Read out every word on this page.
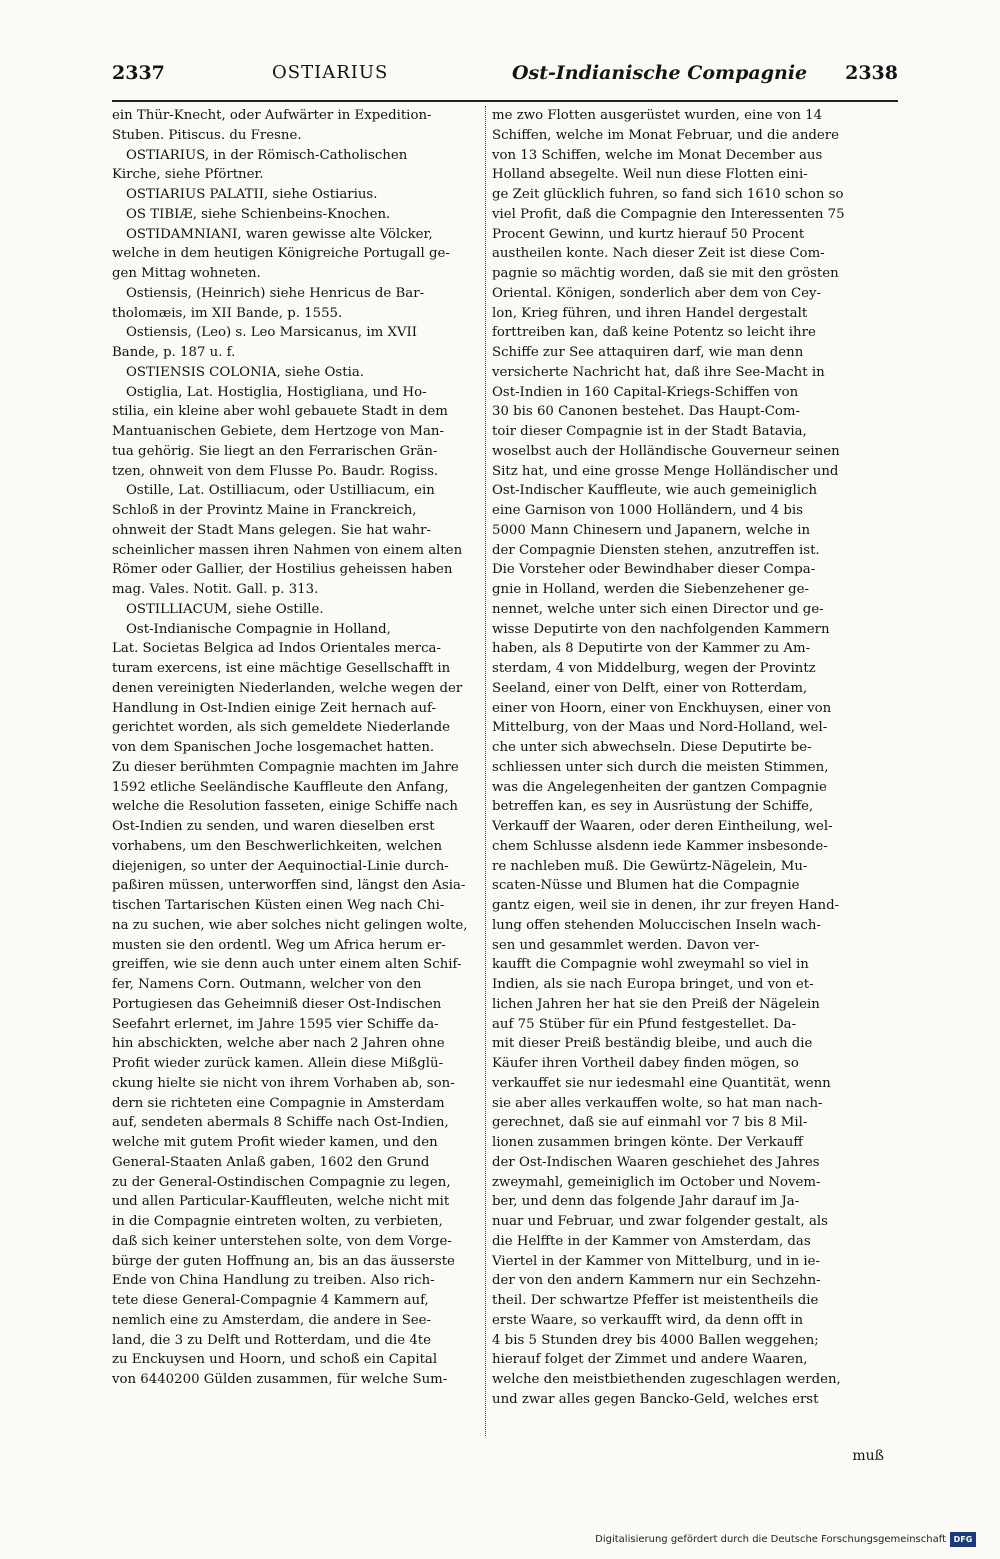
2337	OSTIARIUS	Ost-Indianische Compagnie 2338
ein Thür-Knecht, oder Aufwärter in Expedition-
Stuben. Pitiscus. du Fresne.
OSTIARIUS, in der Römisch-Catholischen
Kirche, siehe Pförtner.
OSTIARIUS PALATII, siehe Ostiarius.
OS TIBIÆ, siehe Schienbeins-Knochen.
OSTIDAMNIANI, waren gewisse alte Völcker,
welche in dem heutigen Königreiche Portugall ge-
gen Mittag wohneten.
Ostiensis, (Heinrich) siehe Henricus de Bar-
tholomæis, im XII Bande, p. 1555.
Ostiensis, (Leo) s. Leo Marsicanus, im XVII
Bande, p. 187 u. f.
OSTIENSIS COLONIA, siehe Ostia.
Ostiglia, Lat. Hostiglia, Hostigliana, und Ho-
stilia, ein kleine aber wohl gebauete Stadt in dem
Mantuanischen Gebiete, dem Hertzoge von Man-
tua gehörig. Sie liegt an den Ferrarischen Grän-
tzen, ohnweit von dem Flusse Po. Baudr. Rogiss.
Ostille, Lat. Ostilliacum, oder Ustilliacum, ein
Schloß in der Provintz Maine in Franckreich,
ohnweit der Stadt Mans gelegen. Sie hat wahr-
scheinlicher massen ihren Nahmen von einem alten
Römer oder Gallier, der Hostilius geheissen haben
mag. Vales. Notit. Gall. p. 313.
OSTILLIACUM, siehe Ostille.
Ost-Indianische Compagnie in Holland,
Lat. Societas Belgica ad Indos Orientales merca-
turam exercens, ist eine mächtige Gesellschafft in
denen vereinigten Niederlanden, welche wegen der
Handlung in Ost-Indien einige Zeit hernach auf-
gerichtet worden, als sich gemeldete Niederlande
von dem Spanischen Joche losgemachet hatten.
Zu dieser berühmten Compagnie machten im Jahre
1592 etliche Seeländische Kauffleute den Anfang,
welche die Resolution fasseten, einige Schiffe nach
Ost-Indien zu senden, und waren dieselben erst
vorhabens, um den Beschwerlichkeiten, welchen
diejenigen, so unter der Aequinoctial-Linie durch-
paßiren müssen, unterworffen sind, längst den Asia-
tischen Tartarischen Küsten einen Weg nach Chi-
na zu suchen, wie aber solches nicht gelingen wolte,
musten sie den ordentl. Weg um Africa herum er-
greiffen, wie sie denn auch unter einem alten Schif-
fer, Namens Corn. Outmann, welcher von den
Portugiesen das Geheimniß dieser Ost-Indischen
Seefahrt erlernet, im Jahre 1595 vier Schiffe da-
hin abschickten, welche aber nach 2 Jahren ohne
Profit wieder zurück kamen. Allein diese Mißglü-
ckung hielte sie nicht von ihrem Vorhaben ab, son-
dern sie richteten eine Compagnie in Amsterdam
auf, sendeten abermals 8 Schiffe nach Ost-Indien,
welche mit gutem Profit wieder kamen, und den
General-Staaten Anlaß gaben, 1602 den Grund
zu der General-Ostindischen Compagnie zu legen,
und allen Particular-Kauffleuten, welche nicht mit
in die Compagnie eintreten wolten, zu verbieten,
daß sich keiner unterstehen solte, von dem Vorge-
bürge der guten Hoffnung an, bis an das äusserste
Ende von China Handlung zu treiben. Also rich-
tete diese General-Compagnie 4 Kammern auf,
nemlich eine zu Amsterdam, die andere in See-
land, die 3 zu Delft und Rotterdam, und die 4te
zu Enckuysen und Hoorn, und schoß ein Capital
von 6440200 Gülden zusammen, für welche Sum-
me zwo Flotten ausgerüstet wurden, eine von 14
Schiffen, welche im Monat Februar, und die andere
von 13 Schiffen, welche im Monat December aus
Holland absegelte. Weil nun diese Flotten eini-
ge Zeit glücklich fuhren, so fand sich 1610 schon so
viel Profit, daß die Compagnie den Interessenten 75
Procent Gewinn, und kurtz hierauf 50 Procent
austheilen konte. Nach dieser Zeit ist diese Com-
pagnie so mächtig worden, daß sie mit den grösten
Oriental. Königen, sonderlich aber dem von Cey-
lon, Krieg führen, und ihren Handel dergestalt
forttreiben kan, daß keine Potentz so leicht ihre
Schiffe zur See attaquiren darf, wie man denn
versicherte Nachricht hat, daß ihre See-Macht in
Ost-Indien in 160 Capital-Kriegs-Schiffen von
30 bis 60 Canonen bestehet. Das Haupt-Com-
toir dieser Compagnie ist in der Stadt Batavia,
woselbst auch der Holländische Gouverneur seinen
Sitz hat, und eine grosse Menge Holländischer und
Ost-Indischer Kauffleute, wie auch gemeiniglich
eine Garnison von 1000 Holländern, und 4 bis
5000 Mann Chinesern und Japanern, welche in
der Compagnie Diensten stehen, anzutreffen ist.
Die Vorsteher oder Bewindhaber dieser Compa-
gnie in Holland, werden die Siebenzehener ge-
nennet, welche unter sich einen Director und ge-
wisse Deputirte von den nachfolgenden Kammern
haben, als 8 Deputirte von der Kammer zu Am-
sterdam, 4 von Middelburg, wegen der Provintz
Seeland, einer von Delft, einer von Rotterdam,
einer von Hoorn, einer von Enckhuysen, einer von
Mittelburg, von der Maas und Nord-Holland, wel-
che unter sich abwechseln. Diese Deputirte be-
schliessen unter sich durch die meisten Stimmen,
was die Angelegenheiten der gantzen Compagnie
betreffen kan, es sey in Ausrüstung der Schiffe,
Verkauff der Waaren, oder deren Eintheilung, wel-
chem Schlusse alsdenn iede Kammer insbesonde-
re nachleben muß. Die Gewürtz-Nägelein, Mu-
scaten-Nüsse und Blumen hat die Compagnie
gantz eigen, weil sie in denen, ihr zur freyen Hand-
lung offen stehenden Moluccischen Inseln wach-
sen und gesammlet werden. Davon ver-
kaufft die Compagnie wohl zweymahl so viel in
Indien, als sie nach Europa bringet, und von et-
lichen Jahren her hat sie den Preiß der Nägelein
auf 75 Stüber für ein Pfund festgestellet. Da-
mit dieser Preiß beständig bleibe, und auch die
Käufer ihren Vortheil dabey finden mögen, so
verkauffet sie nur iedesmahl eine Quantität, wenn
sie aber alles verkauffen wolte, so hat man nach-
gerechnet, daß sie auf einmahl vor 7 bis 8 Mil-
lionen zusammen bringen könte. Der Verkauff
der Ost-Indischen Waaren geschiehet des Jahres
zweymahl, gemeiniglich im October und Novem-
ber, und denn das folgende Jahr darauf im Ja-
nuar und Februar, und zwar folgender gestalt, als
die Helffte in der Kammer von Amsterdam, das
Viertel in der Kammer von Mittelburg, und in ie-
der von den andern Kammern nur ein Sechzehn-
theil. Der schwartze Pfeffer ist meistentheils die
erste Waare, so verkaufft wird, da denn offt in
4 bis 5 Stunden drey bis 4000 Ballen weggehen;
hierauf folget der Zimmet und andere Waaren,
welche den meistbiethenden zugeschlagen werden,
und zwar alles gegen Bancko-Geld, welches erst
muß
Digitalisierung gefördert durch die Deutsche Forschungsgemeinschaft DFG
